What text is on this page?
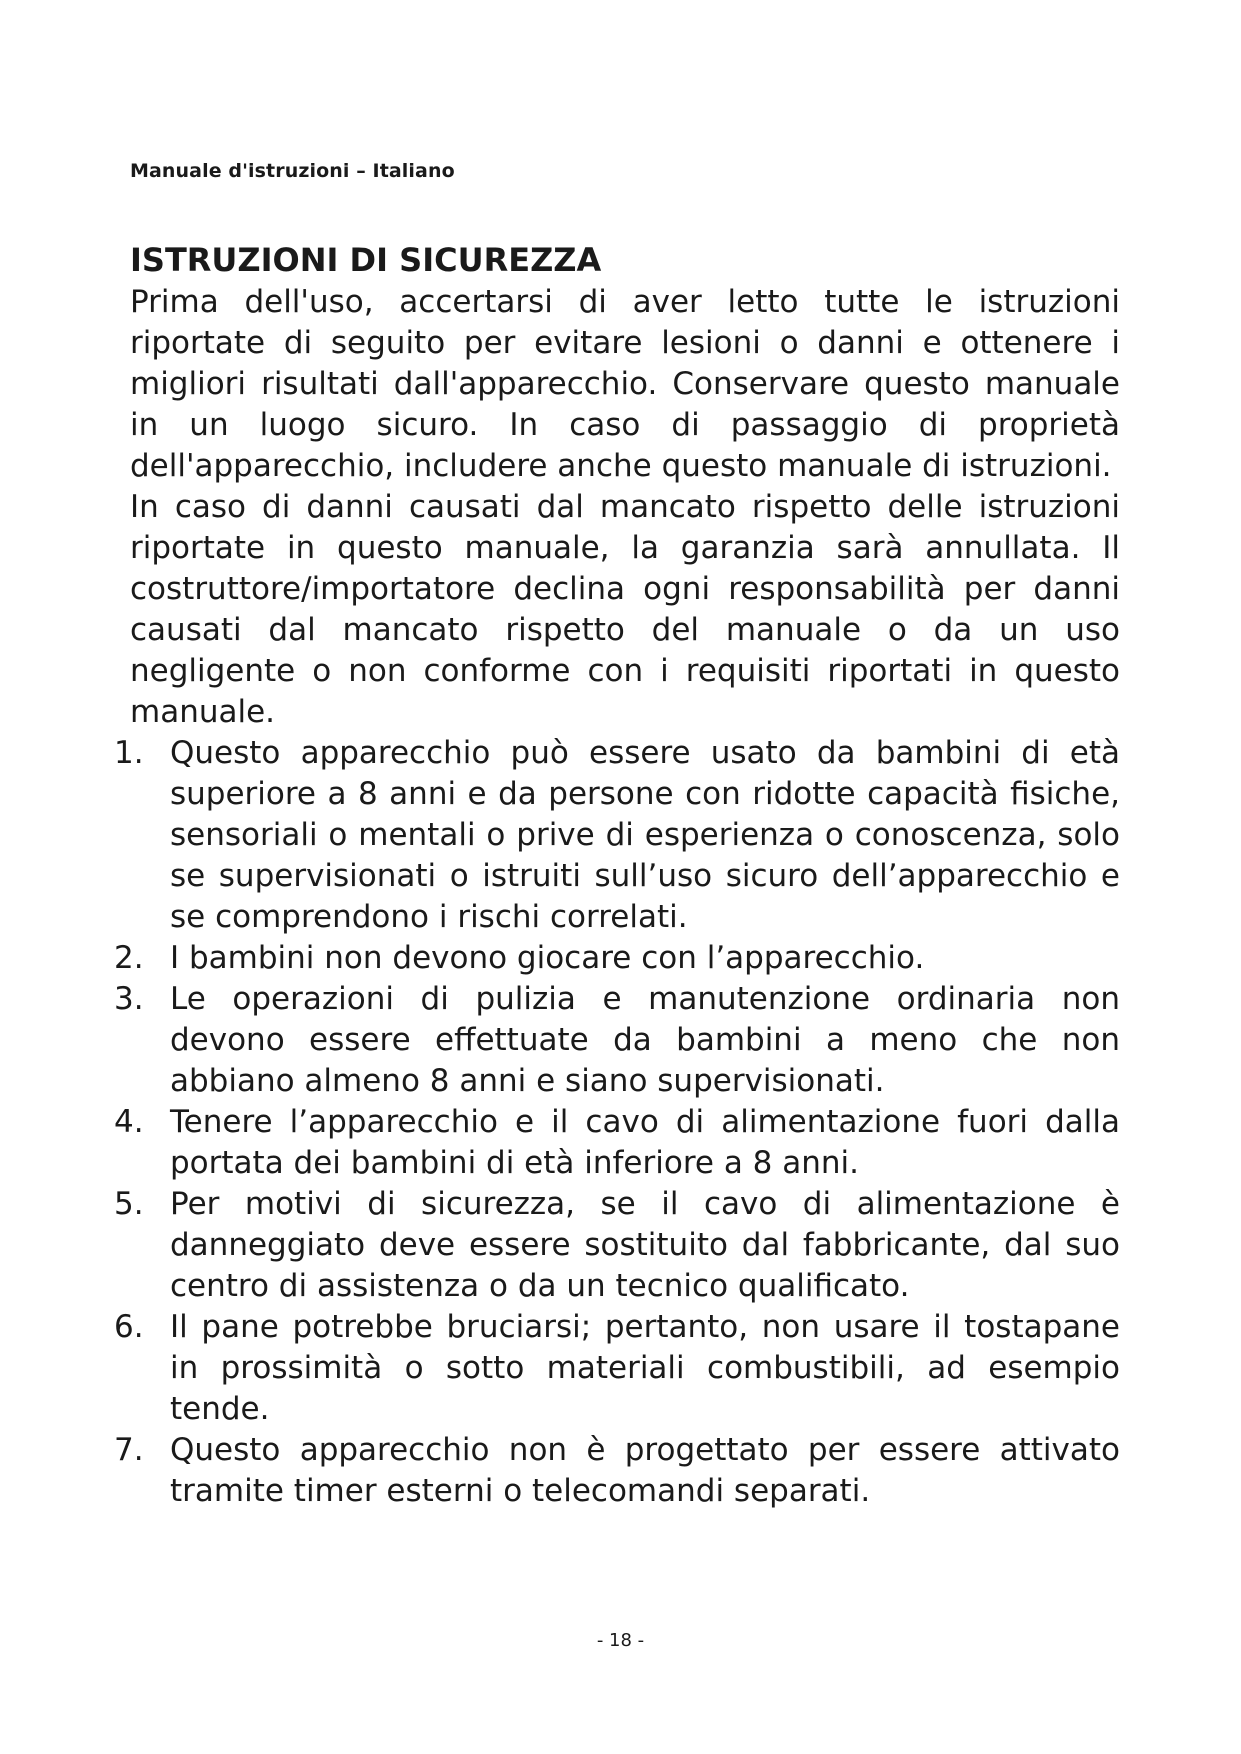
Manuale d'istruzioni – Italiano
ISTRUZIONI DI SICUREZZA

Prima dell'uso, accertarsi di aver letto tutte le istruzioni riportate di seguito per evitare lesioni o danni e ottenere i migliori risultati dall'apparecchio. Conservare questo manuale in un luogo sicuro. In caso di passaggio di proprietà dell'apparecchio, includere anche questo manuale di istruzioni.

In caso di danni causati dal mancato rispetto delle istruzioni riportate in questo manuale, la garanzia sarà annullata. Il costruttore/importatore declina ogni responsabilità per danni causati dal mancato rispetto del manuale o da un uso negligente o non conforme con i requisiti riportati in questo manuale.

1. Questo apparecchio può essere usato da bambini di età superiore a 8 anni e da persone con ridotte capacità fisiche, sensoriali o mentali o prive di esperienza o conoscenza, solo se supervisionati o istruiti sull’uso sicuro dell’apparecchio e se comprendono i rischi correlati.
2. I bambini non devono giocare con l’apparecchio.
3. Le operazioni di pulizia e manutenzione ordinaria non devono essere effettuate da bambini a meno che non abbiano almeno 8 anni e siano supervisionati.
4. Tenere l’apparecchio e il cavo di alimentazione fuori dalla portata dei bambini di età inferiore a 8 anni.
5. Per motivi di sicurezza, se il cavo di alimentazione è danneggiato deve essere sostituito dal fabbricante, dal suo centro di assistenza o da un tecnico qualificato.
6. Il pane potrebbe bruciarsi; pertanto, non usare il tostapane in prossimità o sotto materiali combustibili, ad esempio tende.
7. Questo apparecchio non è progettato per essere attivato tramite timer esterni o telecomandi separati.
- 18 -
